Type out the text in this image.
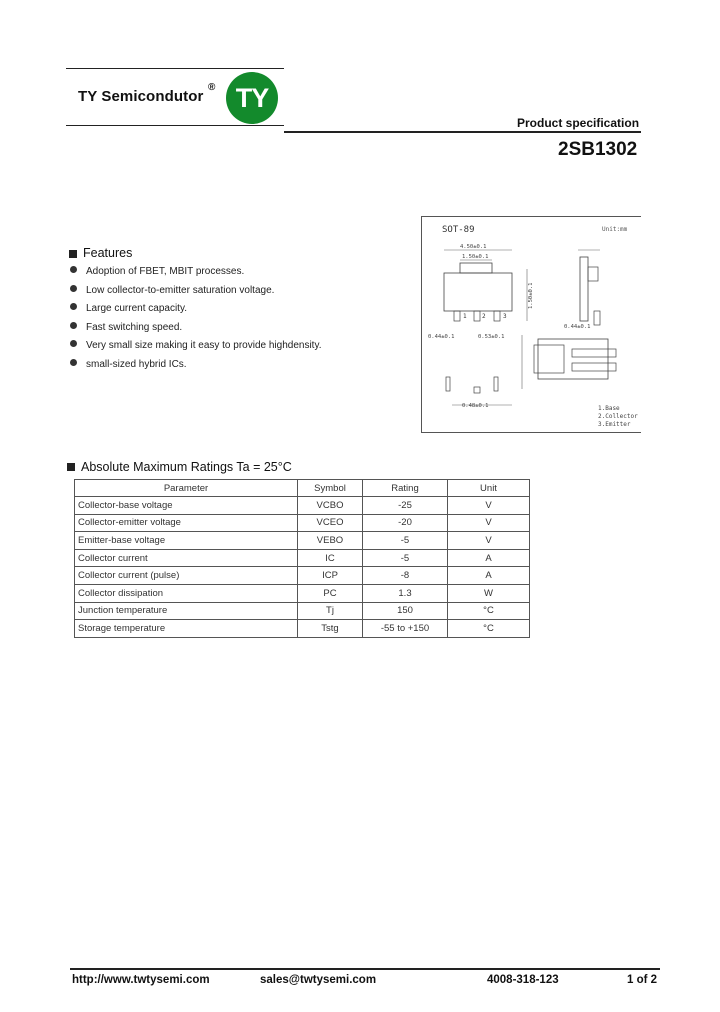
TY Semicondutor
® TY
Product specification
2SB1302
Features
Adoption of FBET, MBIT processes.
Low collector-to-emitter saturation voltage.
Large current capacity.
Fast switching speed.
Very small size making it easy to provide highdensity.
small-sized hybrid ICs.
SOT-89	Unit:mm
4.50±0.1
1.50±0.1
1	2	3
1.50±0.1
0.44±0.1	0.53±0.1
0.44±0.1
0.48±0.1	1.Base
2.Collector
3.Emitter
Absolute Maximum Ratings Ta = 25°C
Parameter	Symbol	Rating	Unit
Collector-base voltage	VCBO	-25	V
Collector-emitter voltage	VCEO	-20	V
Emitter-base voltage	VEBO	-5	V
Collector current	IC	-5	A
Collector current (pulse)	ICP	-8	A
Collector dissipation	PC	1.3	W
Junction temperature	Tj	150	°C
Storage temperature	Tstg	-55 to +150	°C
http://www.twtysemi.com	sales@twtysemi.com	4008-318-123	1 of 2
